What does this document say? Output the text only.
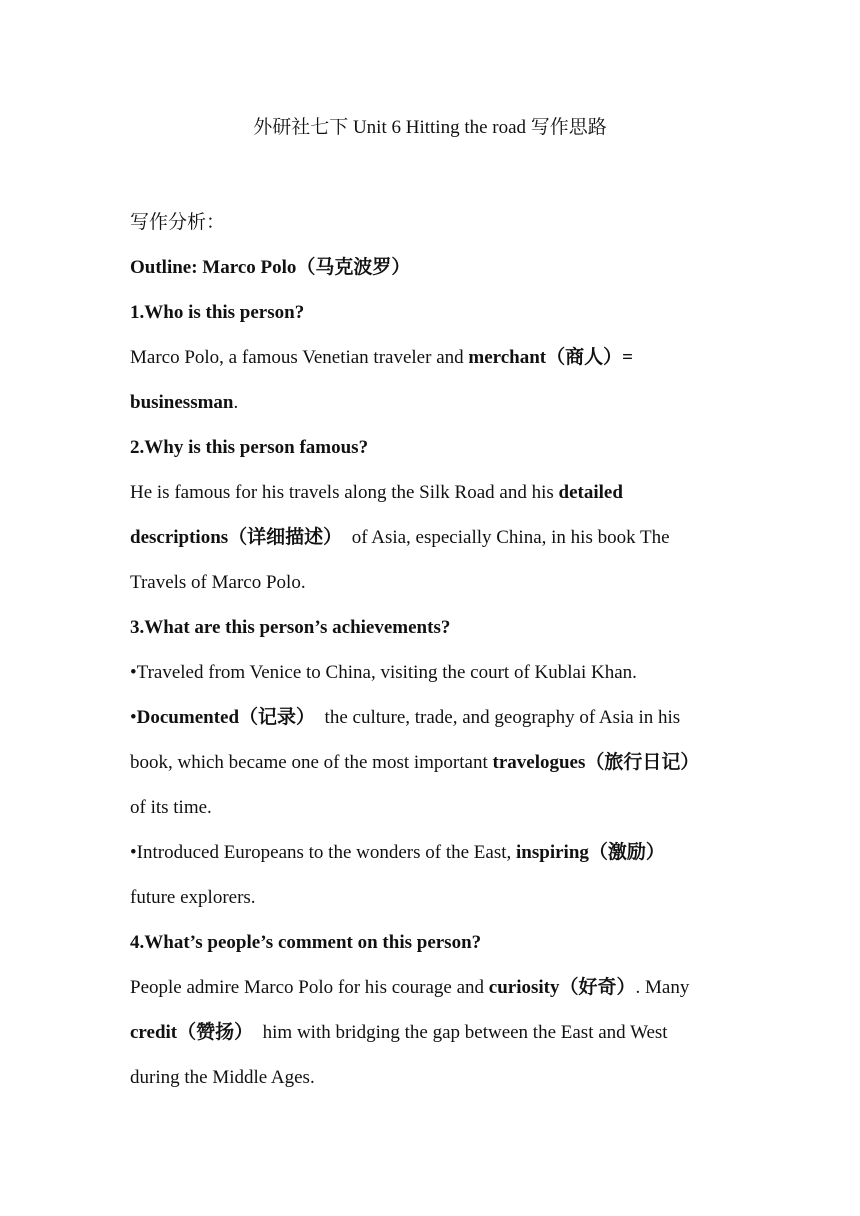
外研社七下 Unit 6 Hitting the road 写作思路
写作分析：
Outline: Marco Polo（马克波罗）
1.Who is this person?
Marco Polo, a famous Venetian traveler and merchant（商人）=
businessman.
2.Why is this person famous?
He is famous for his travels along the Silk Road and his detailed
descriptions（详细描述）  of Asia, especially China, in his book The
Travels of Marco Polo.
3.What are this person’s achievements?
•Traveled from Venice to China, visiting the court of Kublai Khan.
•Documented（记录）  the culture, trade, and geography of Asia in his
book, which became one of the most important travelogues（旅行日记）
of its time.
•Introduced Europeans to the wonders of the East, inspiring（激励）
future explorers.
4.What’s people’s comment on this person?
People admire Marco Polo for his courage and curiosity（好奇）. Many
credit（赞扬）  him with bridging the gap between the East and West
during the Middle Ages.
